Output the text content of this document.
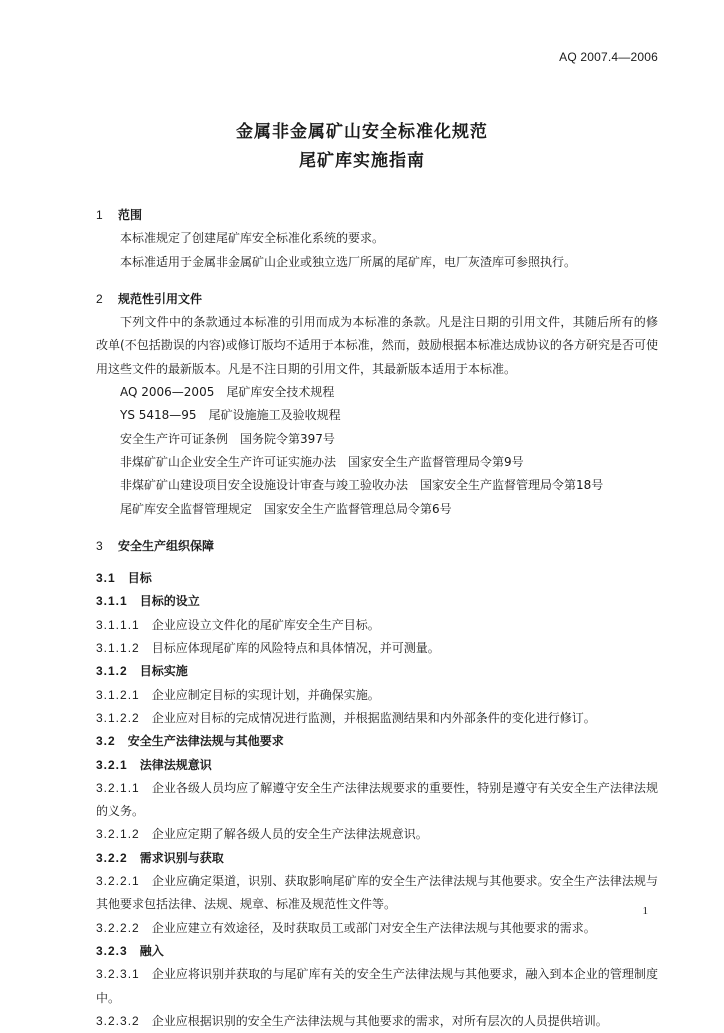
AQ 2007.4—2006
金属非金属矿山安全标准化规范
尾矿库实施指南
1 范围
本标准规定了创建尾矿库安全标准化系统的要求。
本标准适用于金属非金属矿山企业或独立选厂所属的尾矿库，电厂灰渣库可参照执行。
2 规范性引用文件
下列文件中的条款通过本标准的引用而成为本标准的条款。凡是注日期的引用文件，其随后所有的修改单(不包括勘误的内容)或修订版均不适用于本标准，然而，鼓励根据本标准达成协议的各方研究是否可使用这些文件的最新版本。凡是不注日期的引用文件，其最新版本适用于本标准。
AQ 2006—2005　尾矿库安全技术规程
YS 5418—95　尾矿设施施工及验收规程
安全生产许可证条例　国务院令第397号
非煤矿矿山企业安全生产许可证实施办法　国家安全生产监督管理局令第9号
非煤矿矿山建设项目安全设施设计审查与竣工验收办法　国家安全生产监督管理局令第18号
尾矿库安全监督管理规定　国家安全生产监督管理总局令第6号
3 安全生产组织保障
3.1　 目标
3.1.1　 目标的设立
3.1.1.1　 企业应设立文件化的尾矿库安全生产目标。
3.1.1.2　 目标应体现尾矿库的风险特点和具体情况，并可测量。
3.1.2　 目标实施
3.1.2.1　 企业应制定目标的实现计划，并确保实施。
3.1.2.2　 企业应对目标的完成情况进行监测，并根据监测结果和内外部条件的变化进行修订。
3.2　 安全生产法律法规与其他要求
3.2.1　 法律法规意识
3.2.1.1　 企业各级人员均应了解遵守安全生产法律法规要求的重要性，特别是遵守有关安全生产法律法规的义务。
3.2.1.2　 企业应定期了解各级人员的安全生产法律法规意识。
3.2.2　 需求识别与获取
3.2.2.1　 企业应确定渠道，识别、获取影响尾矿库的安全生产法律法规与其他要求。安全生产法律法规与其他要求包括法律、法规、规章、标准及规范性文件等。
3.2.2.2　 企业应建立有效途径，及时获取员工或部门对安全生产法律法规与其他要求的需求。
3.2.3　 融入
3.2.3.1　 企业应将识别并获取的与尾矿库有关的安全生产法律法规与其他要求，融入到本企业的管理制度中。
3.2.3.2　 企业应根据识别的安全生产法律法规与其他要求的需求，对所有层次的人员提供培训。
1
